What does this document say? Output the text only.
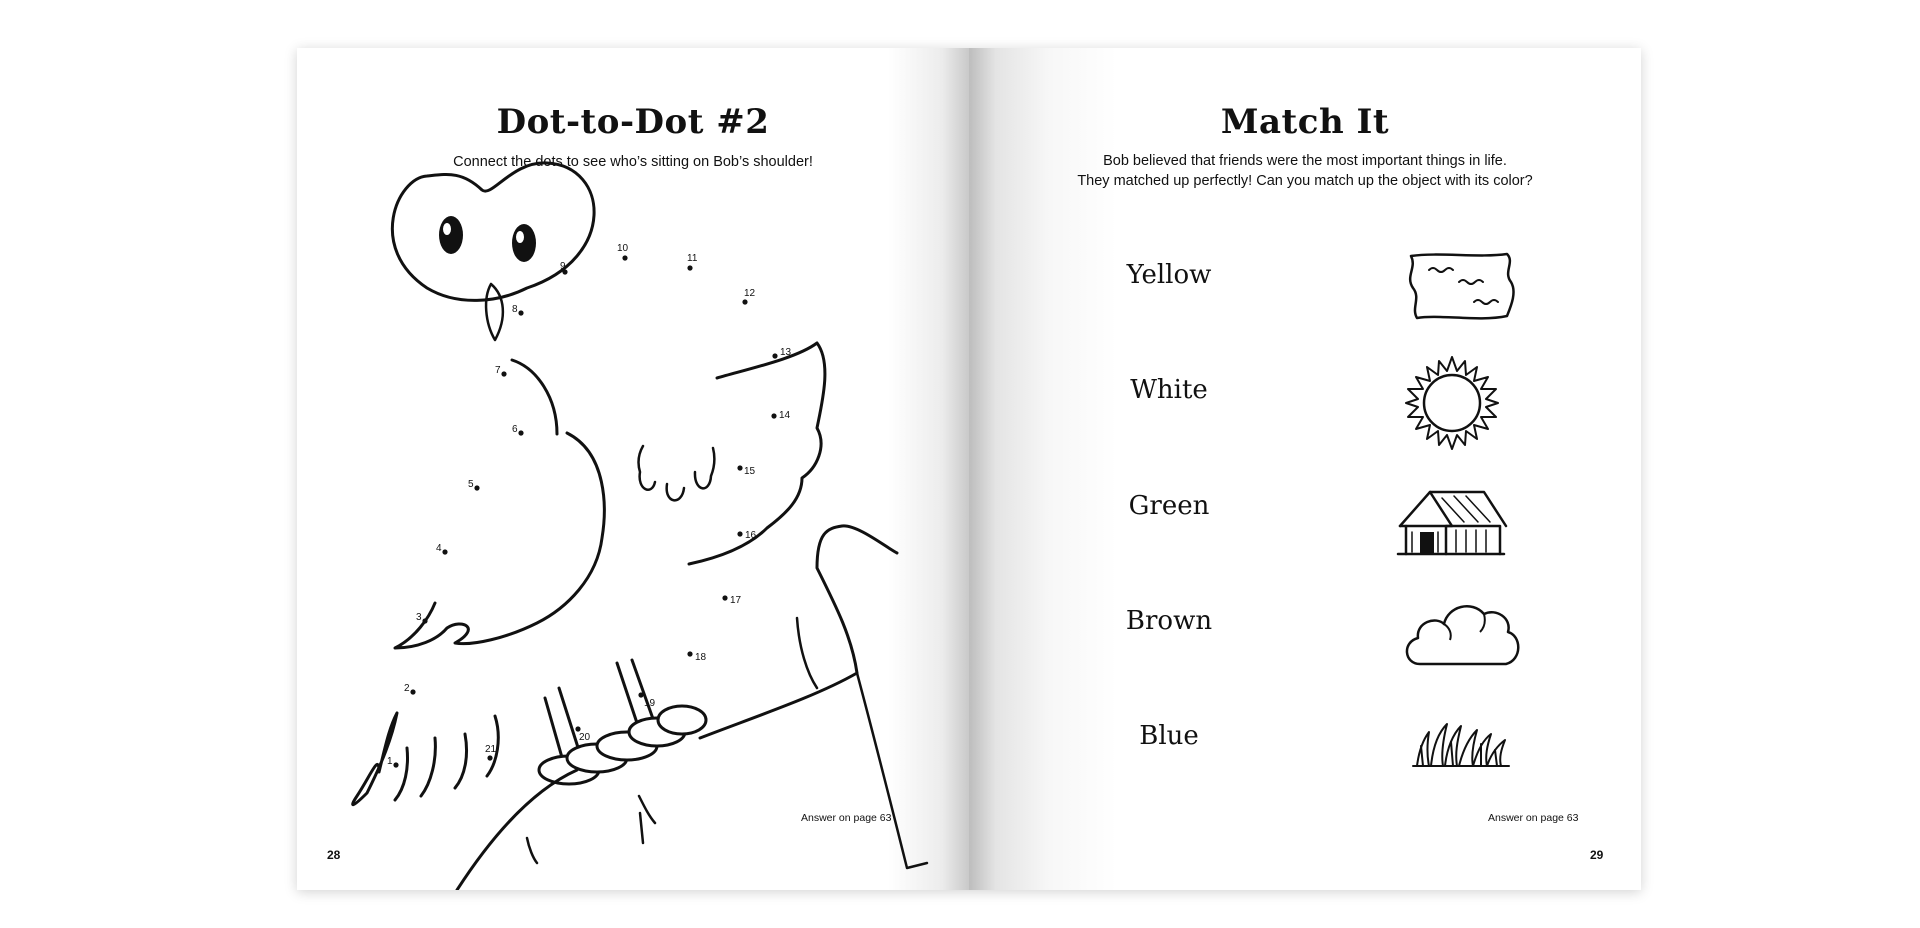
Dot-to-Dot #2
Connect the dots to see who’s sitting on Bob’s shoulder!
1
2
3
4
5
6
7
8
9
10
11
12
13
14
15
16
17
18
19
20
21
Answer on page 63
28
Match It
Bob believed that friends were the most important things in life.
They matched up perfectly! Can you match up the object with its color?
Yellow
White
Green
Brown
Blue
Answer on page 63
29
